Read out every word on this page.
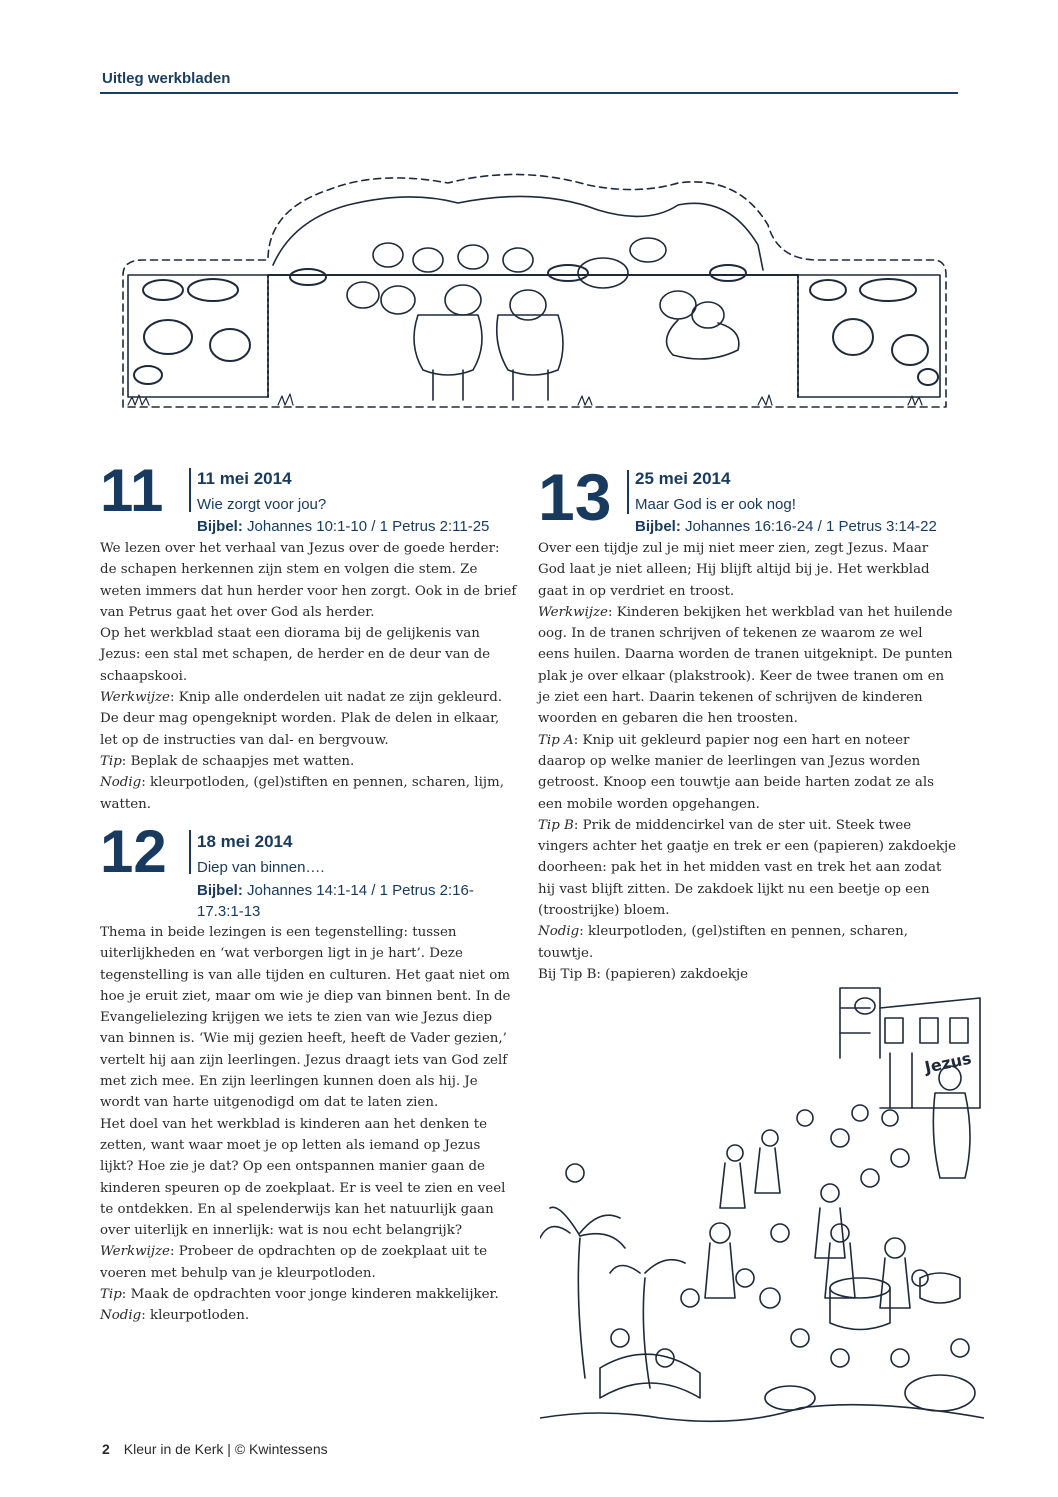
Uitleg werkbladen
11 11 mei 2014
Wie zorgt voor jou?
Bijbel: Johannes 10:1-10 / 1 Petrus 2:11-25

We lezen over het verhaal van Jezus over de goede herder: de schapen herkennen zijn stem en volgen die stem. Ze weten immers dat hun herder voor hen zorgt. Ook in de brief van Petrus gaat het over God als herder.

Op het werkblad staat een diorama bij de gelijkenis van Jezus: een stal met schapen, de herder en de deur van de schaapskooi.

Werkwijze: Knip alle onderdelen uit nadat ze zijn gekleurd. De deur mag opengeknipt worden. Plak de delen in elkaar, let op de instructies van dal- en bergvouw.

Tip: Beplak de schaapjes met watten.

Nodig: kleurpotloden, (gel)stiften en pennen, scharen, lijm, watten.

12 18 mei 2014
Diep van binnen….
Bijbel: Johannes 14:1-14 / 1 Petrus 2:16-17.3:1-13

Thema in beide lezingen is een tegenstelling: tussen uiterlijkheden en ‘wat verborgen ligt in je hart’. Deze tegenstelling is van alle tijden en culturen. Het gaat niet om hoe je eruit ziet, maar om wie je diep van binnen bent. In de Evangelielezing krijgen we iets te zien van wie Jezus diep van binnen is. ‘Wie mij gezien heeft, heeft de Vader gezien,’ vertelt hij aan zijn leerlingen. Jezus draagt iets van God zelf met zich mee. En zijn leerlingen kunnen doen als hij. Je wordt van harte uitgenodigd om dat te laten zien.

Het doel van het werkblad is kinderen aan het denken te zetten, want waar moet je op letten als iemand op Jezus lijkt? Hoe zie je dat? Op een ontspannen manier gaan de kinderen speuren op de zoekplaat. Er is veel te zien en veel te ontdekken. En al spelenderwijs kan het natuurlijk gaan over uiterlijk en innerlijk: wat is nou echt belangrijk?

Werkwijze: Probeer de opdrachten op de zoekplaat uit te voeren met behulp van je kleurpotloden.

Tip: Maak de opdrachten voor jonge kinderen makkelijker.

Nodig: kleurpotloden.

13 25 mei 2014
Maar God is er ook nog!
Bijbel: Johannes 16:16-24 / 1 Petrus 3:14-22

Over een tijdje zul je mij niet meer zien, zegt Jezus. Maar God laat je niet alleen; Hij blijft altijd bij je. Het werkblad gaat in op verdriet en troost.

Werkwijze: Kinderen bekijken het werkblad van het huilende oog. In de tranen schrijven of tekenen ze waarom ze wel eens huilen. Daarna worden de tranen uitgeknipt. De punten plak je over elkaar (plakstrook). Keer de twee tranen om en je ziet een hart. Daarin tekenen of schrijven de kinderen woorden en gebaren die hen troosten.

Tip A: Knip uit gekleurd papier nog een hart en noteer daarop op welke manier de leerlingen van Jezus worden getroost. Knoop een touwtje aan beide harten zodat ze als een mobile worden opgehangen.

Tip B: Prik de middencirkel van de ster uit. Steek twee vingers achter het gaatje en trek er een (papieren) zakdoekje doorheen: pak het in het midden vast en trek het aan zodat hij vast blijft zitten. De zakdoek lijkt nu een beetje op een (troostrijke) bloem.

Nodig: kleurpotloden, (gel)stiften en pennen, scharen, touwtje.

Bij Tip B: (papieren) zakdoekje

Jezus
2 Kleur in de Kerk | © Kwintessens
